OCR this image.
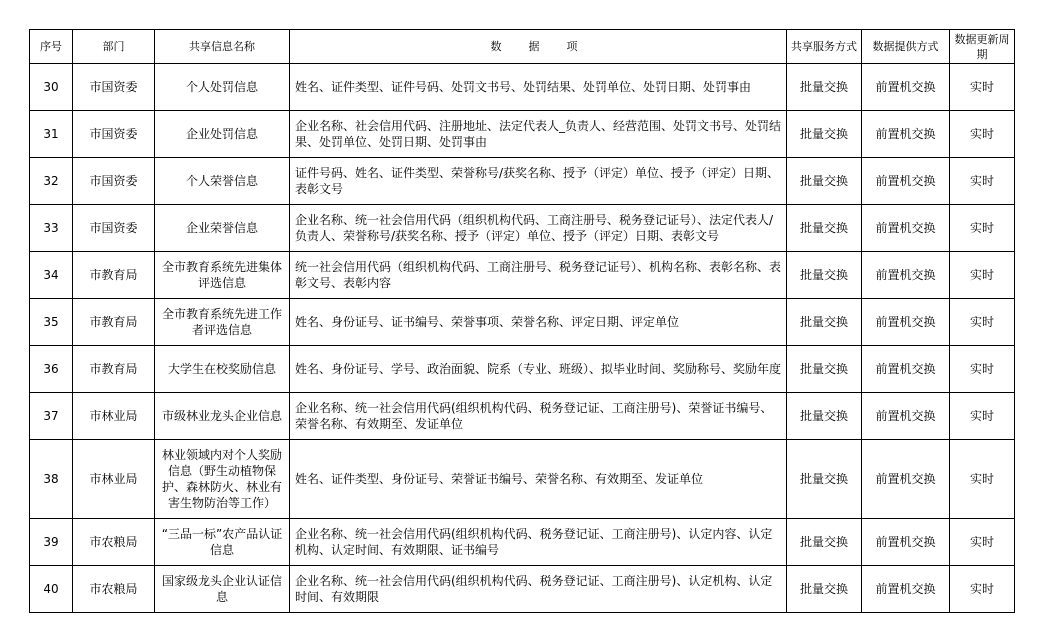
序号	部门	共享信息名称	数　据　项	共享服务方式	数据提供方式	数据更新周期
30	市国资委	个人处罚信息	姓名、证件类型、证件号码、处罚文书号、处罚结果、处罚单位、处罚日期、处罚事由	批量交换	前置机交换	实时
31	市国资委	企业处罚信息	企业名称、社会信用代码、注册地址、法定代表人_负责人、经营范围、处罚文书号、处罚结果、处罚单位、处罚日期、处罚事由	批量交换	前置机交换	实时
32	市国资委	个人荣誉信息	证件号码、姓名、证件类型、荣誉称号/获奖名称、授予（评定）单位、授予（评定）日期、表彰文号	批量交换	前置机交换	实时
33	市国资委	企业荣誉信息	企业名称、统一社会信用代码（组织机构代码、工商注册号、税务登记证号）、法定代表人/负责人、荣誉称号/获奖名称、授予（评定）单位、授予（评定）日期、表彰文号	批量交换	前置机交换	实时
34	市教育局	全市教育系统先进集体评选信息	统一社会信用代码（组织机构代码、工商注册号、税务登记证号）、机构名称、表彰名称、表彰文号、表彰内容	批量交换	前置机交换	实时
35	市教育局	全市教育系统先进工作者评选信息	姓名、身份证号、证书编号、荣誉事项、荣誉名称、评定日期、评定单位	批量交换	前置机交换	实时
36	市教育局	大学生在校奖励信息	姓名、身份证号、学号、政治面貌、院系（专业、班级）、拟毕业时间、奖励称号、奖励年度	批量交换	前置机交换	实时
37	市林业局	市级林业龙头企业信息	企业名称、统一社会信用代码(组织机构代码、税务登记证、工商注册号)、荣誉证书编号、荣誉名称、有效期至、发证单位	批量交换	前置机交换	实时
38	市林业局	林业领域内对个人奖励信息（野生动植物保护、森林防火、林业有害生物防治等工作）	姓名、证件类型、身份证号、荣誉证书编号、荣誉名称、有效期至、发证单位	批量交换	前置机交换	实时
39	市农粮局	“三品一标”农产品认证信息	企业名称、统一社会信用代码(组织机构代码、税务登记证、工商注册号)、认定内容、认定机构、认定时间、有效期限、证书编号	批量交换	前置机交换	实时
40	市农粮局	国家级龙头企业认证信息	企业名称、统一社会信用代码(组织机构代码、税务登记证、工商注册号)、认定机构、认定时间、有效期限	批量交换	前置机交换	实时
